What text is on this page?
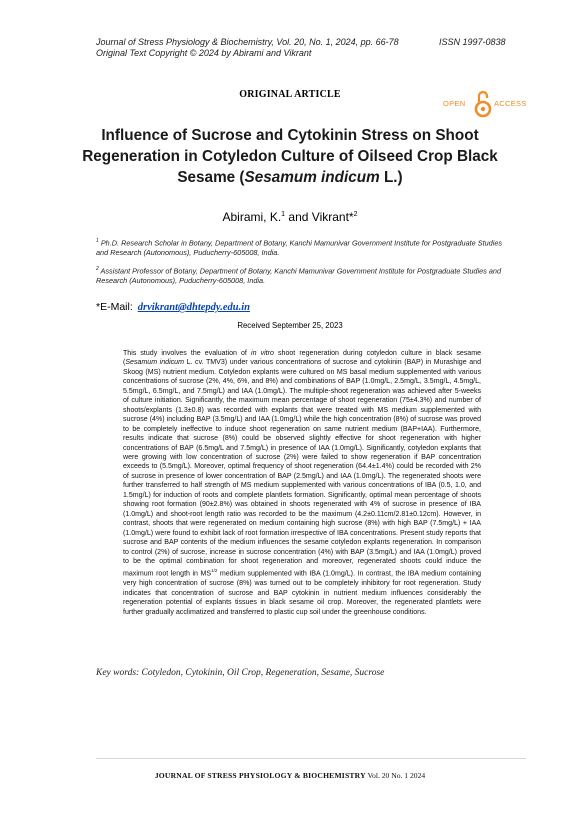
Journal of Stress Physiology & Biochemistry, Vol. 20, No. 1, 2024, pp. 66-78	ISSN 1997-0838
Original Text Copyright © 2024 by Abirami and Vikrant
ORIGINAL ARTICLE
OPEN	ACCESS
Influence of Sucrose and Cytokinin Stress on Shoot
Regeneration in Cotyledon Culture of Oilseed Crop Black
Sesame (Sesamum indicum L.)
Abirami, K.$^1$ and Vikrant*$^2$
$^1$ Ph.D. Research Scholar in Botany, Department of Botany, Kanchi Mamunivar Government Institute for Postgraduate Studies and Research (Autonomous), Puducherry-605008, India.
$^2$ Assistant Professor of Botany, Department of Botany, Kanchi Mamunivar Government Institute for Postgraduate Studies and Research (Autonomous), Puducherry-605008, India.
*E-Mail: drvikrant@dhtepdy.edu.in
Received September 25, 2023

This study involves the evaluation of in vitro shoot regeneration during cotyledon culture in black sesame (Sesamum indicum L. cv. TMV3) under various concentrations of sucrose and cytokinin (BAP) in Murashige and Skoog (MS) nutrient medium. Cotyledon explants were cultured on MS basal medium supplemented with various concentrations of sucrose (2%, 4%, 6%, and 8%) and combinations of BAP (1.0mg/L, 2.5mg/L, 3.5mg/L, 4.5mg/L, 5.5mg/L, 6.5mg/L, and 7.5mg/L) and IAA (1.0mg/L). The multiple-shoot regeneration was achieved after 5-weeks of culture initiation. Significantly, the maximum mean percentage of shoot regeneration (75±4.3%) and number of shoots/explants (1.3±0.8) was recorded with explants that were treated with MS medium supplemented with sucrose (4%) including BAP (3.5mg/L) and IAA (1.0mg/L) while the high concentration (8%) of sucrose was proved to be completely ineffective to induce shoot regeneration on same nutrient medium (BAP+IAA). Furthermore, results indicate that sucrose (8%) could be observed slightly effective for shoot regeneration with higher concentrations of BAP (6.5mg/L and 7.5mg/L) in presence of IAA (1.0mg/L). Significantly, cotyledon explants that were growing with low concentration of sucrose (2%) were failed to show regeneration if BAP concentration exceeds to (5.5mg/L). Moreover, optimal frequency of shoot regeneration (64.4±1.4%) could be recorded with 2% of sucrose in presence of lower concentration of BAP (2.5mg/L) and IAA (1.0mg/L). The regenerated shoots were further transferred to half strength of MS medium supplemented with various concentrations of IBA (0.5, 1.0, and 1.5mg/L) for induction of roots and complete plantlets formation. Significantly, optimal mean percentage of shoots showing root formation (90±2.8%) was obtained in shoots regenerated with 4% of sucrose in presence of IBA (1.0mg/L) and shoot-root length ratio was recorded to be the maximum (4.2±0.11cm/2.81±0.12cm). However, in contrast, shoots that were regenerated on medium containing high sucrose (8%) with high BAP (7.5mg/L) + IAA (1.0mg/L) were found to exhibit lack of root formation irrespective of IBA concentrations. Present study reports that sucrose and BAP contents of the medium influences the sesame cotyledon explants regeneration. In comparison to control (2%) of sucrose, increase in sucrose concentration (4%) with BAP (3.5mg/L) and IAA (1.0mg/L) proved to be the optimal combination for shoot regeneration and moreover, regenerated shoots could induce the maximum root length in $MS^{1/2}$ medium supplemented with IBA (1.0mg/L). In contrast, the IBA medium containing very high concentration of sucrose (8%) was turned out to be completely inhibitory for root regeneration. Study indicates that concentration of sucrose and BAP cytokinin in nutrient medium influences considerably the regeneration potential of explants tissues in black sesame oil crop. Moreover, the regenerated plantlets were further gradually acclimatized and transferred to plastic cup soil under the greenhouse conditions.

Key words: Cotyledon, Cytokinin, Oil Crop, Regeneration, Sesame, Sucrose
JOURNAL OF STRESS PHYSIOLOGY & BIOCHEMISTRY Vol. 20 No. 1 2024
